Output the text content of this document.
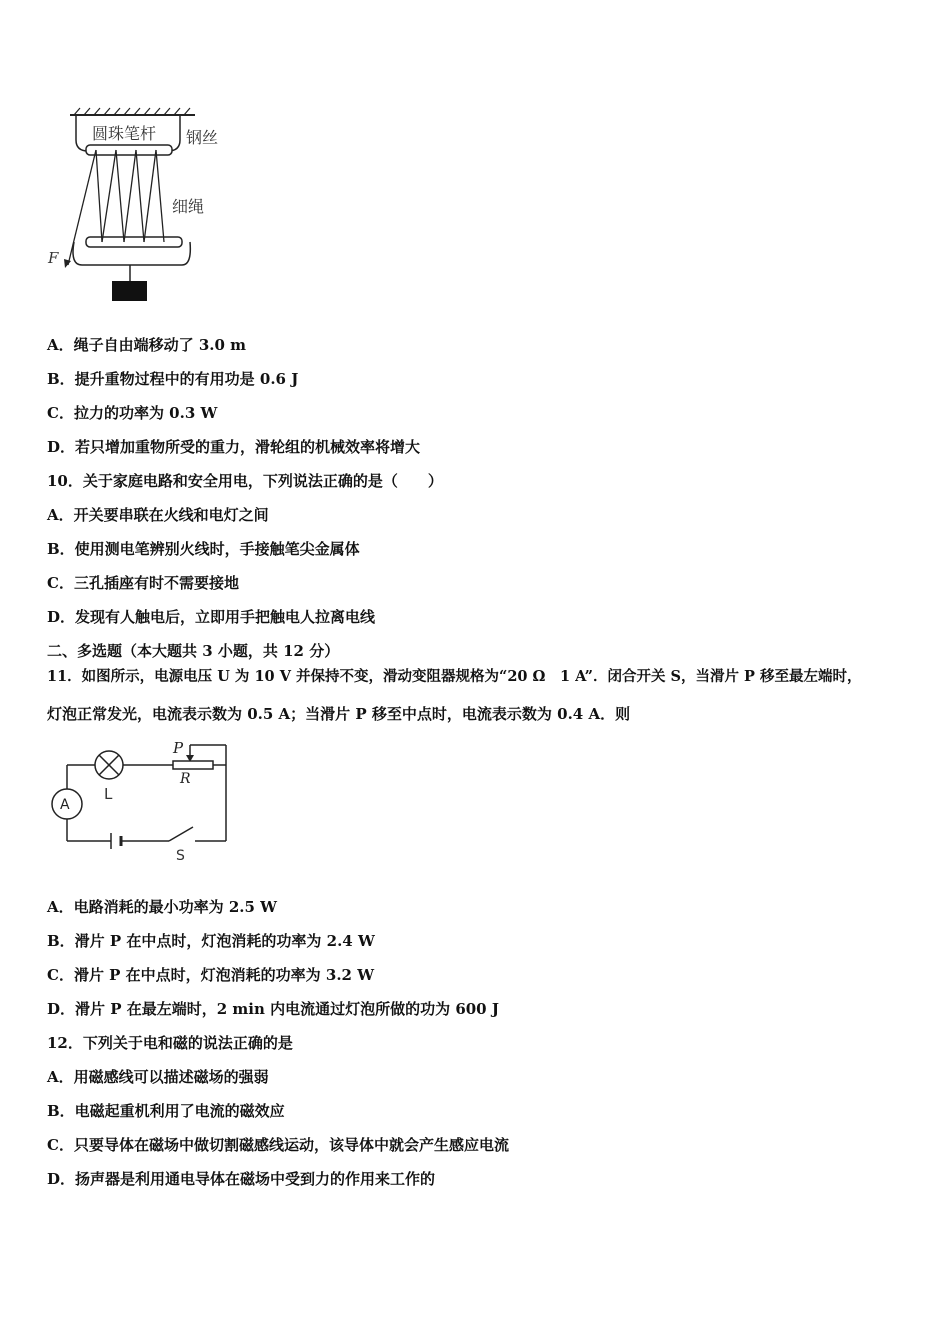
圆珠笔杆 钢丝
细绳
F
A．绳子自由端移动了 3.0 m
B．提升重物过程中的有用功是 0.6 J
C．拉力的功率为 0.3 W
D．若只增加重物所受的重力，滑轮组的机械效率将增大
10．关于家庭电路和安全用电，下列说法正确的是（　　）
A．开关要串联在火线和电灯之间
B．使用测电笔辨别火线时，手接触笔尖金属体
C．三孔插座有时不需要接地
D．发现有人触电后，立即用手把触电人拉离电线
二、多选题（本大题共 3 小题，共 12 分）
11．如图所示，电源电压 U 为 10 V 并保持不变，滑动变阻器规格为“20 Ω　1 A”．闭合开关 S，当滑片 P 移至最左端时，
灯泡正常发光，电流表示数为 0.5 A；当滑片 P 移至中点时，电流表示数为 0.4 A．则
A
L
P
R
S
A．电路消耗的最小功率为 2.5 W
B．滑片 P 在中点时，灯泡消耗的功率为 2.4 W
C．滑片 P 在中点时，灯泡消耗的功率为 3.2 W
D．滑片 P 在最左端时，2 min 内电流通过灯泡所做的功为 600 J
12．下列关于电和磁的说法正确的是
A．用磁感线可以描述磁场的强弱
B．电磁起重机利用了电流的磁效应
C．只要导体在磁场中做切割磁感线运动，该导体中就会产生感应电流
D．扬声器是利用通电导体在磁场中受到力的作用来工作的
